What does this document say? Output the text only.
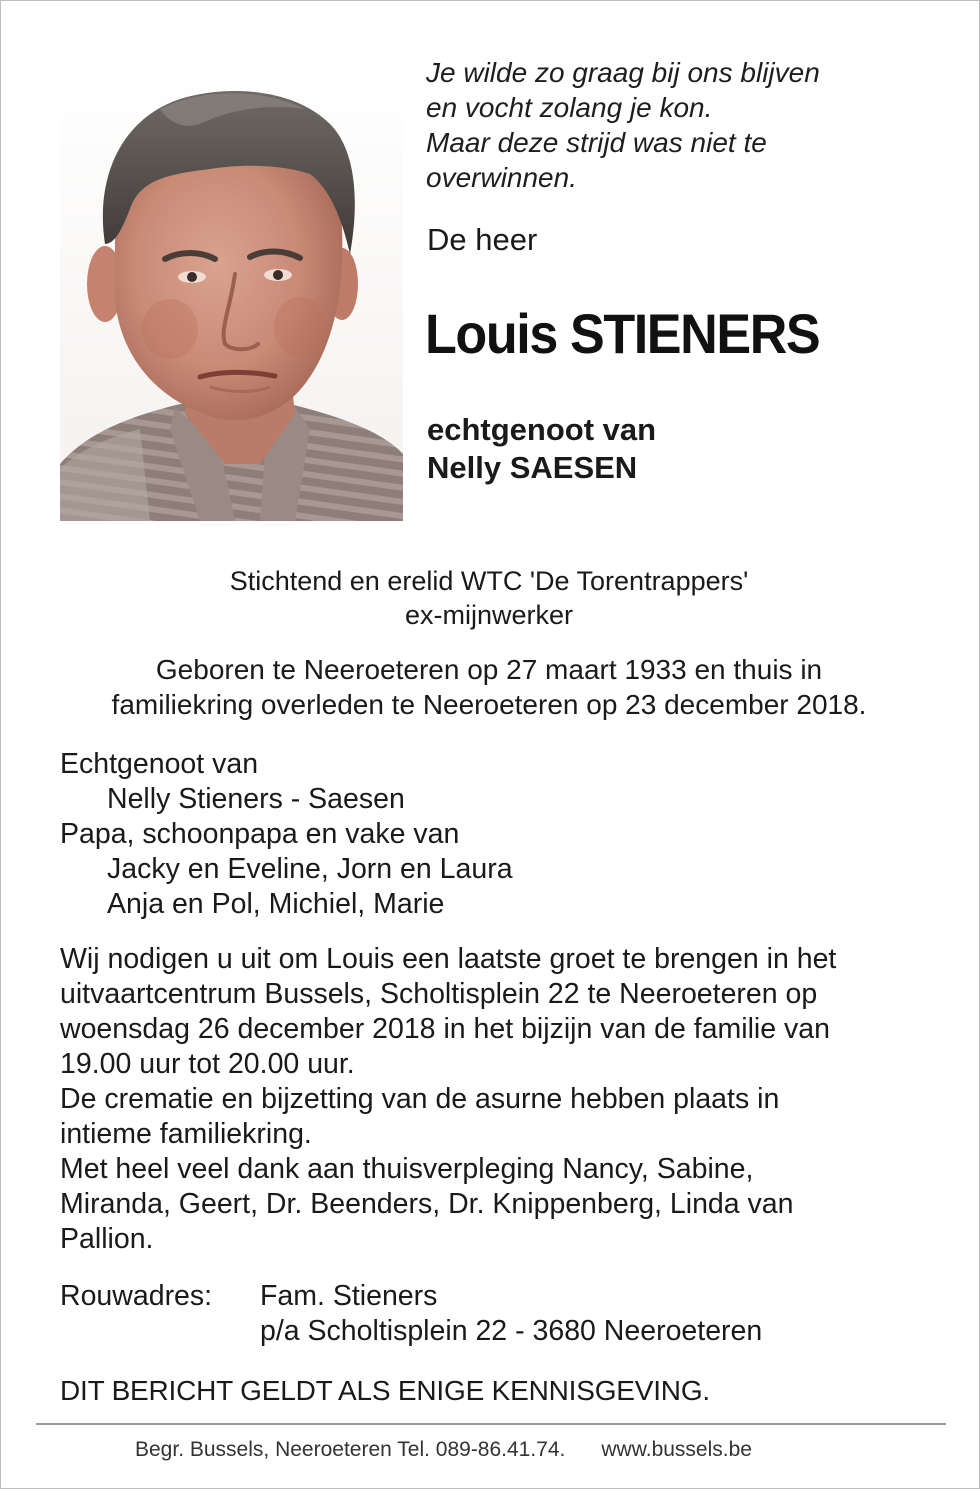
Je wilde zo graag bij ons blijven
en vocht zolang je kon.
Maar deze strijd was niet te
overwinnen.
De heer
Louis STIENERS
echtgenoot van
Nelly SAESEN
Stichtend en erelid WTC 'De Torentrappers'
ex-mijnwerker
Geboren te Neeroeteren op 27 maart 1933 en thuis in
familiekring overleden te Neeroeteren op 23 december 2018.
Echtgenoot van
Nelly Stieners - Saesen
Papa, schoonpapa en vake van
Jacky en Eveline, Jorn en Laura
Anja en Pol, Michiel, Marie
Wij nodigen u uit om Louis een laatste groet te brengen in het
uitvaartcentrum Bussels, Scholtisplein 22 te Neeroeteren op
woensdag 26 december 2018 in het bijzijn van de familie van
19.00 uur tot 20.00 uur.
De crematie en bijzetting van de asurne hebben plaats in
intieme familiekring.
Met heel veel dank aan thuisverpleging Nancy, Sabine,
Miranda, Geert, Dr. Beenders, Dr. Knippenberg, Linda van
Pallion.
Rouwadres:	Fam. Stieners
p/a Scholtisplein 22 - 3680 Neeroeteren
DIT BERICHT GELDT ALS ENIGE KENNISGEVING.
Begr. Bussels, Neeroeteren Tel. 089-86.41.74. www.bussels.be
